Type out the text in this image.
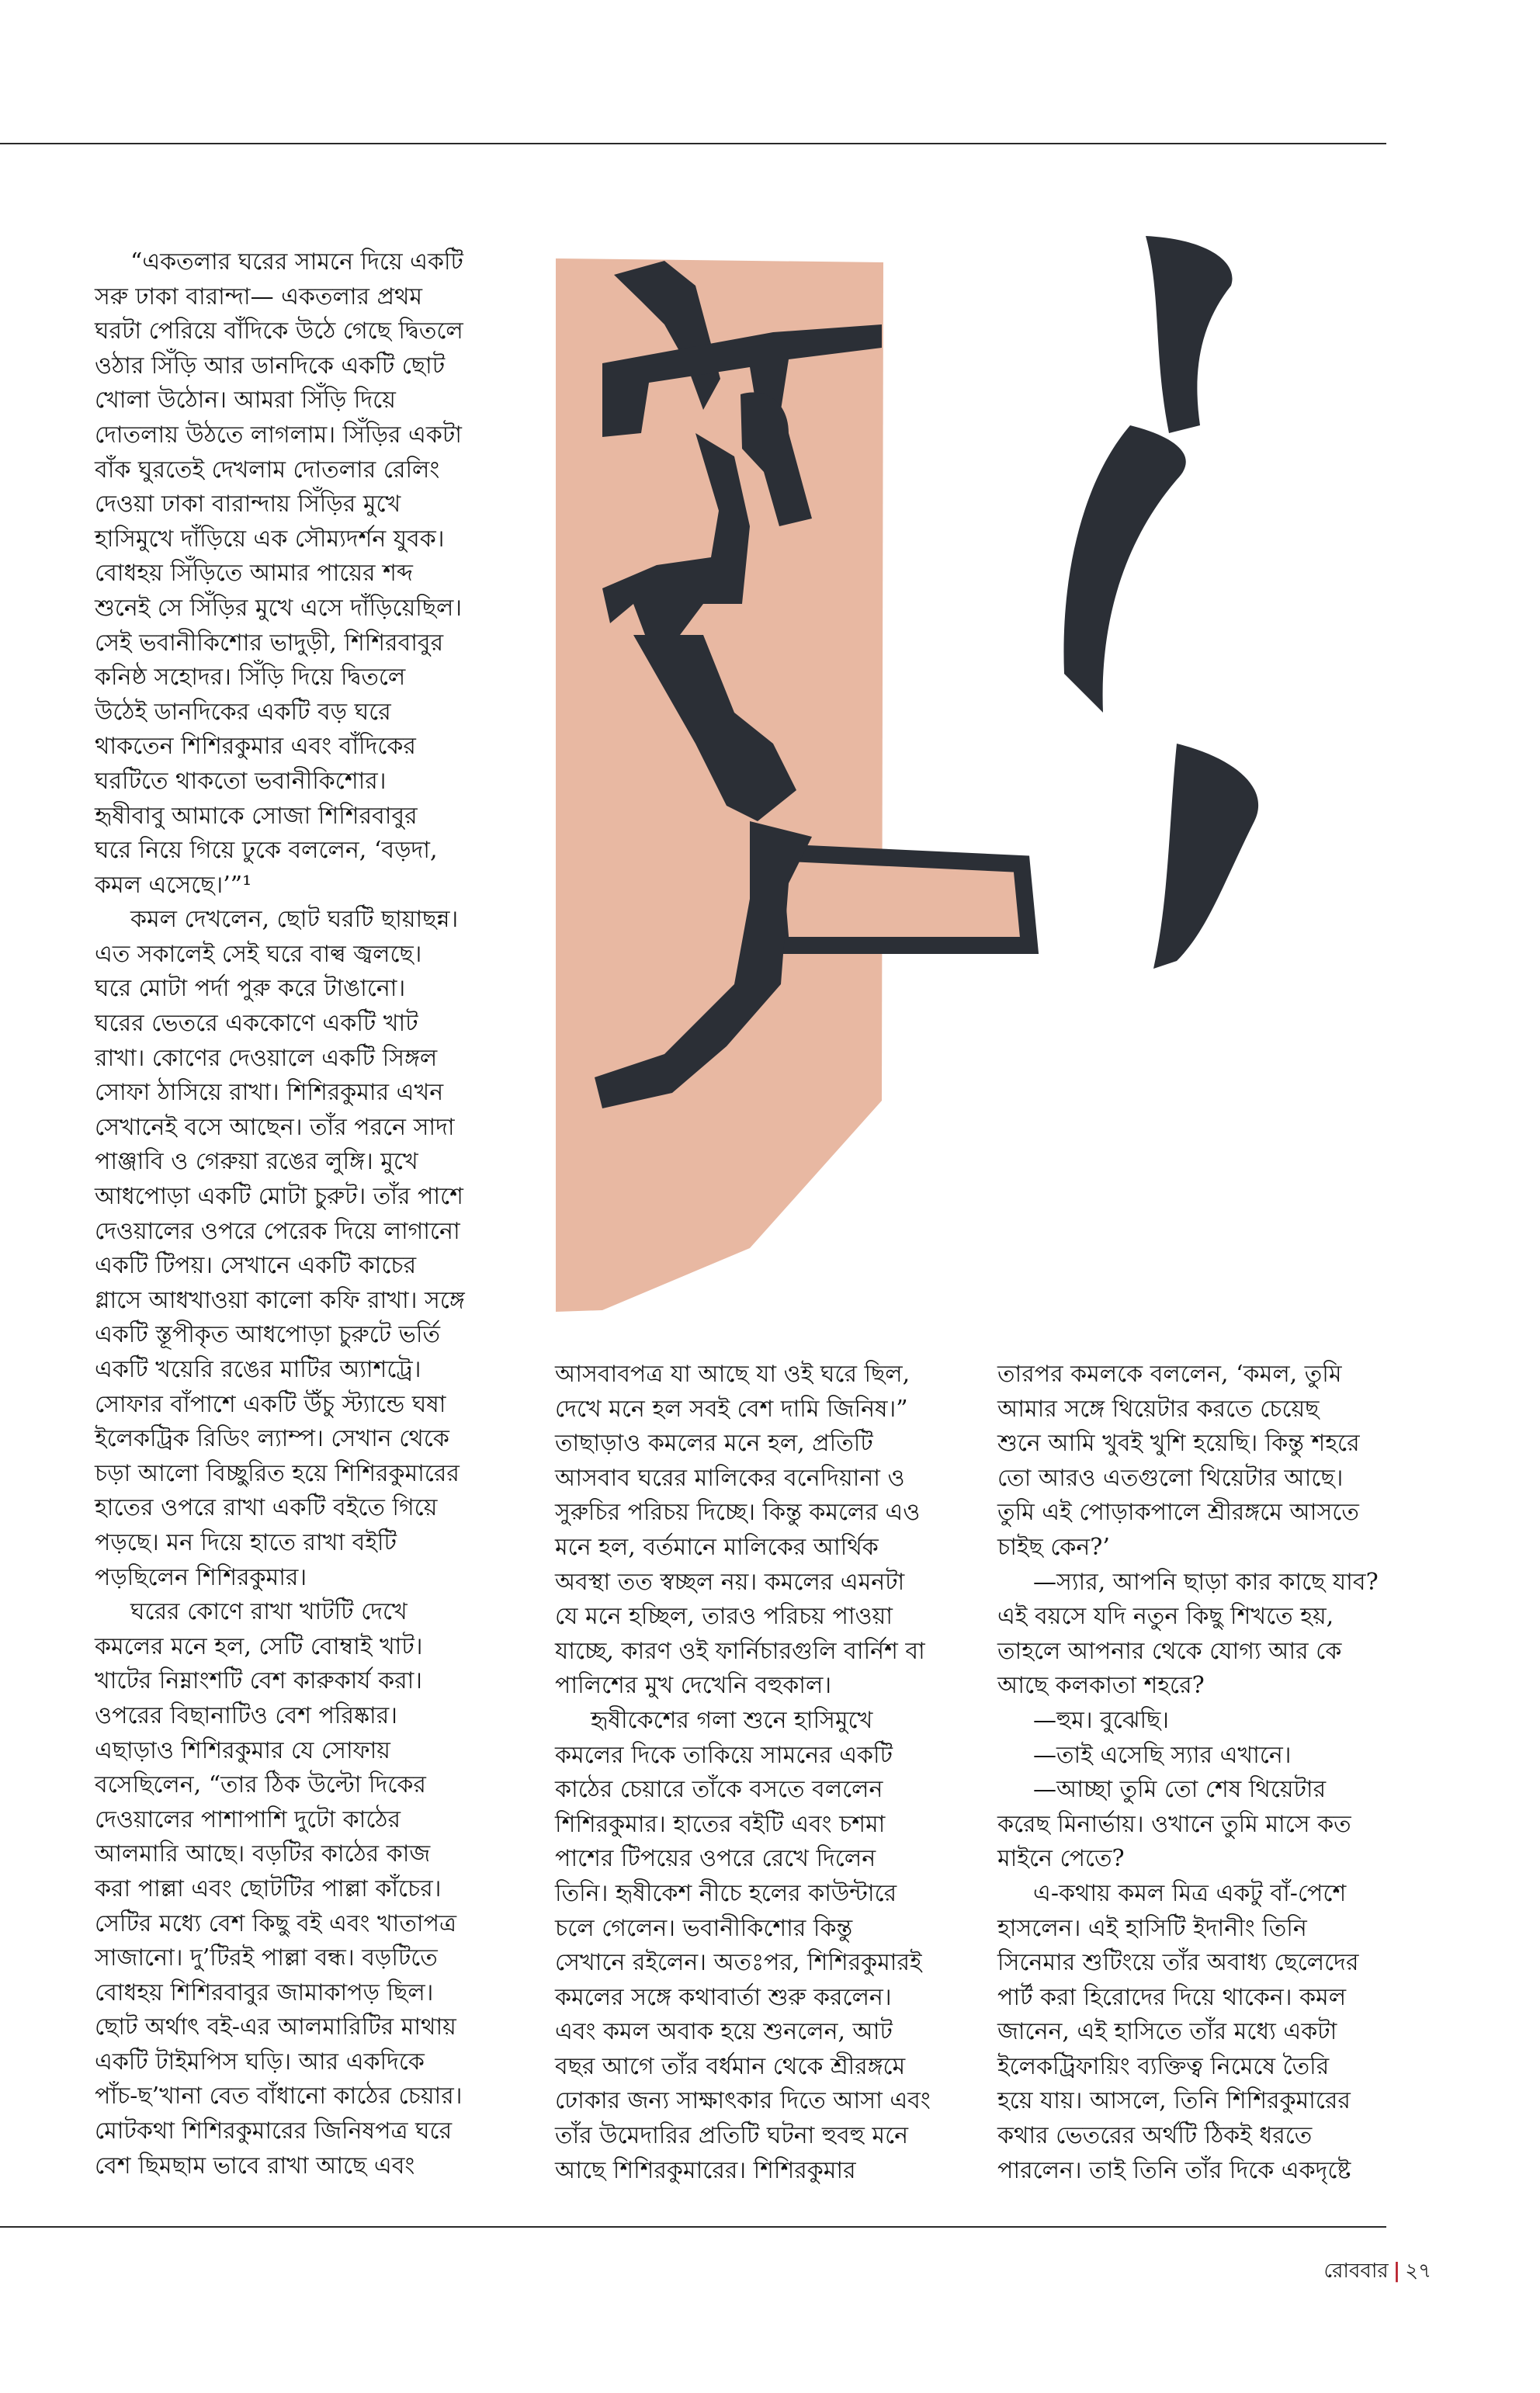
“একতলার ঘরের সামনে দিয়ে একটি
সরু ঢাকা বারান্দা— একতলার প্রথম
ঘরটা পেরিয়ে বাঁদিকে উঠে গেছে দ্বিতলে
ওঠার সিঁড়ি আর ডানদিকে একটি ছোট
খোলা উঠোন। আমরা সিঁড়ি দিয়ে
দোতলায় উঠতে লাগলাম। সিঁড়ির একটা
বাঁক ঘুরতেই দেখলাম দোতলার রেলিং
দেওয়া ঢাকা বারান্দায় সিঁড়ির মুখে
হাসিমুখে দাঁড়িয়ে এক সৌম্যদর্শন যুবক।
বোধহয় সিঁড়িতে আমার পায়ের শব্দ
শুনেই সে সিঁড়ির মুখে এসে দাঁড়িয়েছিল।
সেই ভবানীকিশোর ভাদুড়ী, শিশিরবাবুর
কনিষ্ঠ সহোদর। সিঁড়ি দিয়ে দ্বিতলে
উঠেই ডানদিকের একটি বড় ঘরে
থাকতেন শিশিরকুমার এবং বাঁদিকের
ঘরটিতে থাকতো ভবানীকিশোর।
হৃষীবাবু আমাকে সোজা শিশিরবাবুর
ঘরে নিয়ে গিয়ে ঢুকে বললেন, ‘বড়দা,
কমল এসেছে।’”¹
কমল দেখলেন, ছোট ঘরটি ছায়াছন্ন।
এত সকালেই সেই ঘরে বাল্ব জ্বলছে।
ঘরে মোটা পর্দা পুরু করে টাঙানো।
ঘরের ভেতরে এককোণে একটি খাট
রাখা। কোণের দেওয়ালে একটি সিঙ্গল
সোফা ঠাসিয়ে রাখা। শিশিরকুমার এখন
সেখানেই বসে আছেন। তাঁর পরনে সাদা
পাঞ্জাবি ও গেরুয়া রঙের লুঙ্গি। মুখে
আধপোড়া একটি মোটা চুরুট। তাঁর পাশে
দেওয়ালের ওপরে পেরেক দিয়ে লাগানো
একটি টিপয়। সেখানে একটি কাচের
গ্লাসে আধখাওয়া কালো কফি রাখা। সঙ্গে
একটি স্তূপীকৃত আধপোড়া চুরুটে ভর্তি
একটি খয়েরি রঙের মাটির অ্যাশট্রে।
সোফার বাঁপাশে একটি উঁচু স্ট্যান্ডে ঘষা
ইলেকট্রিক রিডিং ল্যাম্প। সেখান থেকে
চড়া আলো বিচ্ছুরিত হয়ে শিশিরকুমারের
হাতের ওপরে রাখা একটি বইতে গিয়ে
পড়ছে। মন দিয়ে হাতে রাখা বইটি
পড়ছিলেন শিশিরকুমার।
ঘরের কোণে রাখা খাটটি দেখে
কমলের মনে হল, সেটি বোম্বাই খাট।
খাটের নিম্নাংশটি বেশ কারুকার্য করা।
ওপরের বিছানাটিও বেশ পরিষ্কার।
এছাড়াও শিশিরকুমার যে সোফায়
বসেছিলেন, “তার ঠিক উল্টো দিকের
দেওয়ালের পাশাপাশি দুটো কাঠের
আলমারি আছে। বড়টির কাঠের কাজ
করা পাল্লা এবং ছোটটির পাল্লা কাঁচের।
সেটির মধ্যে বেশ কিছু বই এবং খাতাপত্র
সাজানো। দু’টিরই পাল্লা বন্ধ। বড়টিতে
বোধহয় শিশিরবাবুর জামাকাপড় ছিল।
ছোট অর্থাৎ বই-এর আলমারিটির মাথায়
একটি টাইমপিস ঘড়ি। আর একদিকে
পাঁচ-ছ’খানা বেত বাঁধানো কাঠের চেয়ার।
মোটকথা শিশিরকুমারের জিনিষপত্র ঘরে
বেশ ছিমছাম ভাবে রাখা আছে এবং
আসবাবপত্র যা আছে যা ওই ঘরে ছিল,
দেখে মনে হল সবই বেশ দামি জিনিষ।”
তাছাড়াও কমলের মনে হল, প্রতিটি
আসবাব ঘরের মালিকের বনেদিয়ানা ও
সুরুচির পরিচয় দিচ্ছে। কিন্তু কমলের এও
মনে হল, বর্তমানে মালিকের আর্থিক
অবস্থা তত স্বচ্ছল নয়। কমলের এমনটা
যে মনে হচ্ছিল, তারও পরিচয় পাওয়া
যাচ্ছে, কারণ ওই ফার্নিচারগুলি বার্নিশ বা
পালিশের মুখ দেখেনি বহুকাল।
হৃষীকেশের গলা শুনে হাসিমুখে
কমলের দিকে তাকিয়ে সামনের একটি
কাঠের চেয়ারে তাঁকে বসতে বললেন
শিশিরকুমার। হাতের বইটি এবং চশমা
পাশের টিপয়ের ওপরে রেখে দিলেন
তিনি। হৃষীকেশ নীচে হলের কাউন্টারে
চলে গেলেন। ভবানীকিশোর কিন্তু
সেখানে রইলেন। অতঃপর, শিশিরকুমারই
কমলের সঙ্গে কথাবার্তা শুরু করলেন।
এবং কমল অবাক হয়ে শুনলেন, আট
বছর আগে তাঁর বর্ধমান থেকে শ্রীরঙ্গমে
ঢোকার জন্য সাক্ষাৎকার দিতে আসা এবং
তাঁর উমেদারির প্রতিটি ঘটনা হুবহু মনে
আছে শিশিরকুমারের। শিশিরকুমার
তারপর কমলকে বললেন, ‘কমল, তুমি
আমার সঙ্গে থিয়েটার করতে চেয়েছ
শুনে আমি খুবই খুশি হয়েছি। কিন্তু শহরে
তো আরও এতগুলো থিয়েটার আছে।
তুমি এই পোড়াকপালে শ্রীরঙ্গমে আসতে
চাইছ কেন?’
—স্যার, আপনি ছাড়া কার কাছে যাব?
এই বয়সে যদি নতুন কিছু শিখতে হয়,
তাহলে আপনার থেকে যোগ্য আর কে
আছে কলকাতা শহরে?
—হুম। বুঝেছি।
—তাই এসেছি স্যার এখানে।
—আচ্ছা তুমি তো শেষ থিয়েটার
করেছ মিনার্ভায়। ওখানে তুমি মাসে কত
মাইনে পেতে?
এ-কথায় কমল মিত্র একটু বাঁ-পেশে
হাসলেন। এই হাসিটি ইদানীং তিনি
সিনেমার শুটিংয়ে তাঁর অবাধ্য ছেলেদের
পার্ট করা হিরোদের দিয়ে থাকেন। কমল
জানেন, এই হাসিতে তাঁর মধ্যে একটা
ইলেকট্রিফায়িং ব্যক্তিত্ব নিমেষে তৈরি
হয়ে যায়। আসলে, তিনি শিশিরকুমারের
কথার ভেতরের অর্থটি ঠিকই ধরতে
পারলেন। তাই তিনি তাঁর দিকে একদৃষ্টে
রোববার | ২৭
